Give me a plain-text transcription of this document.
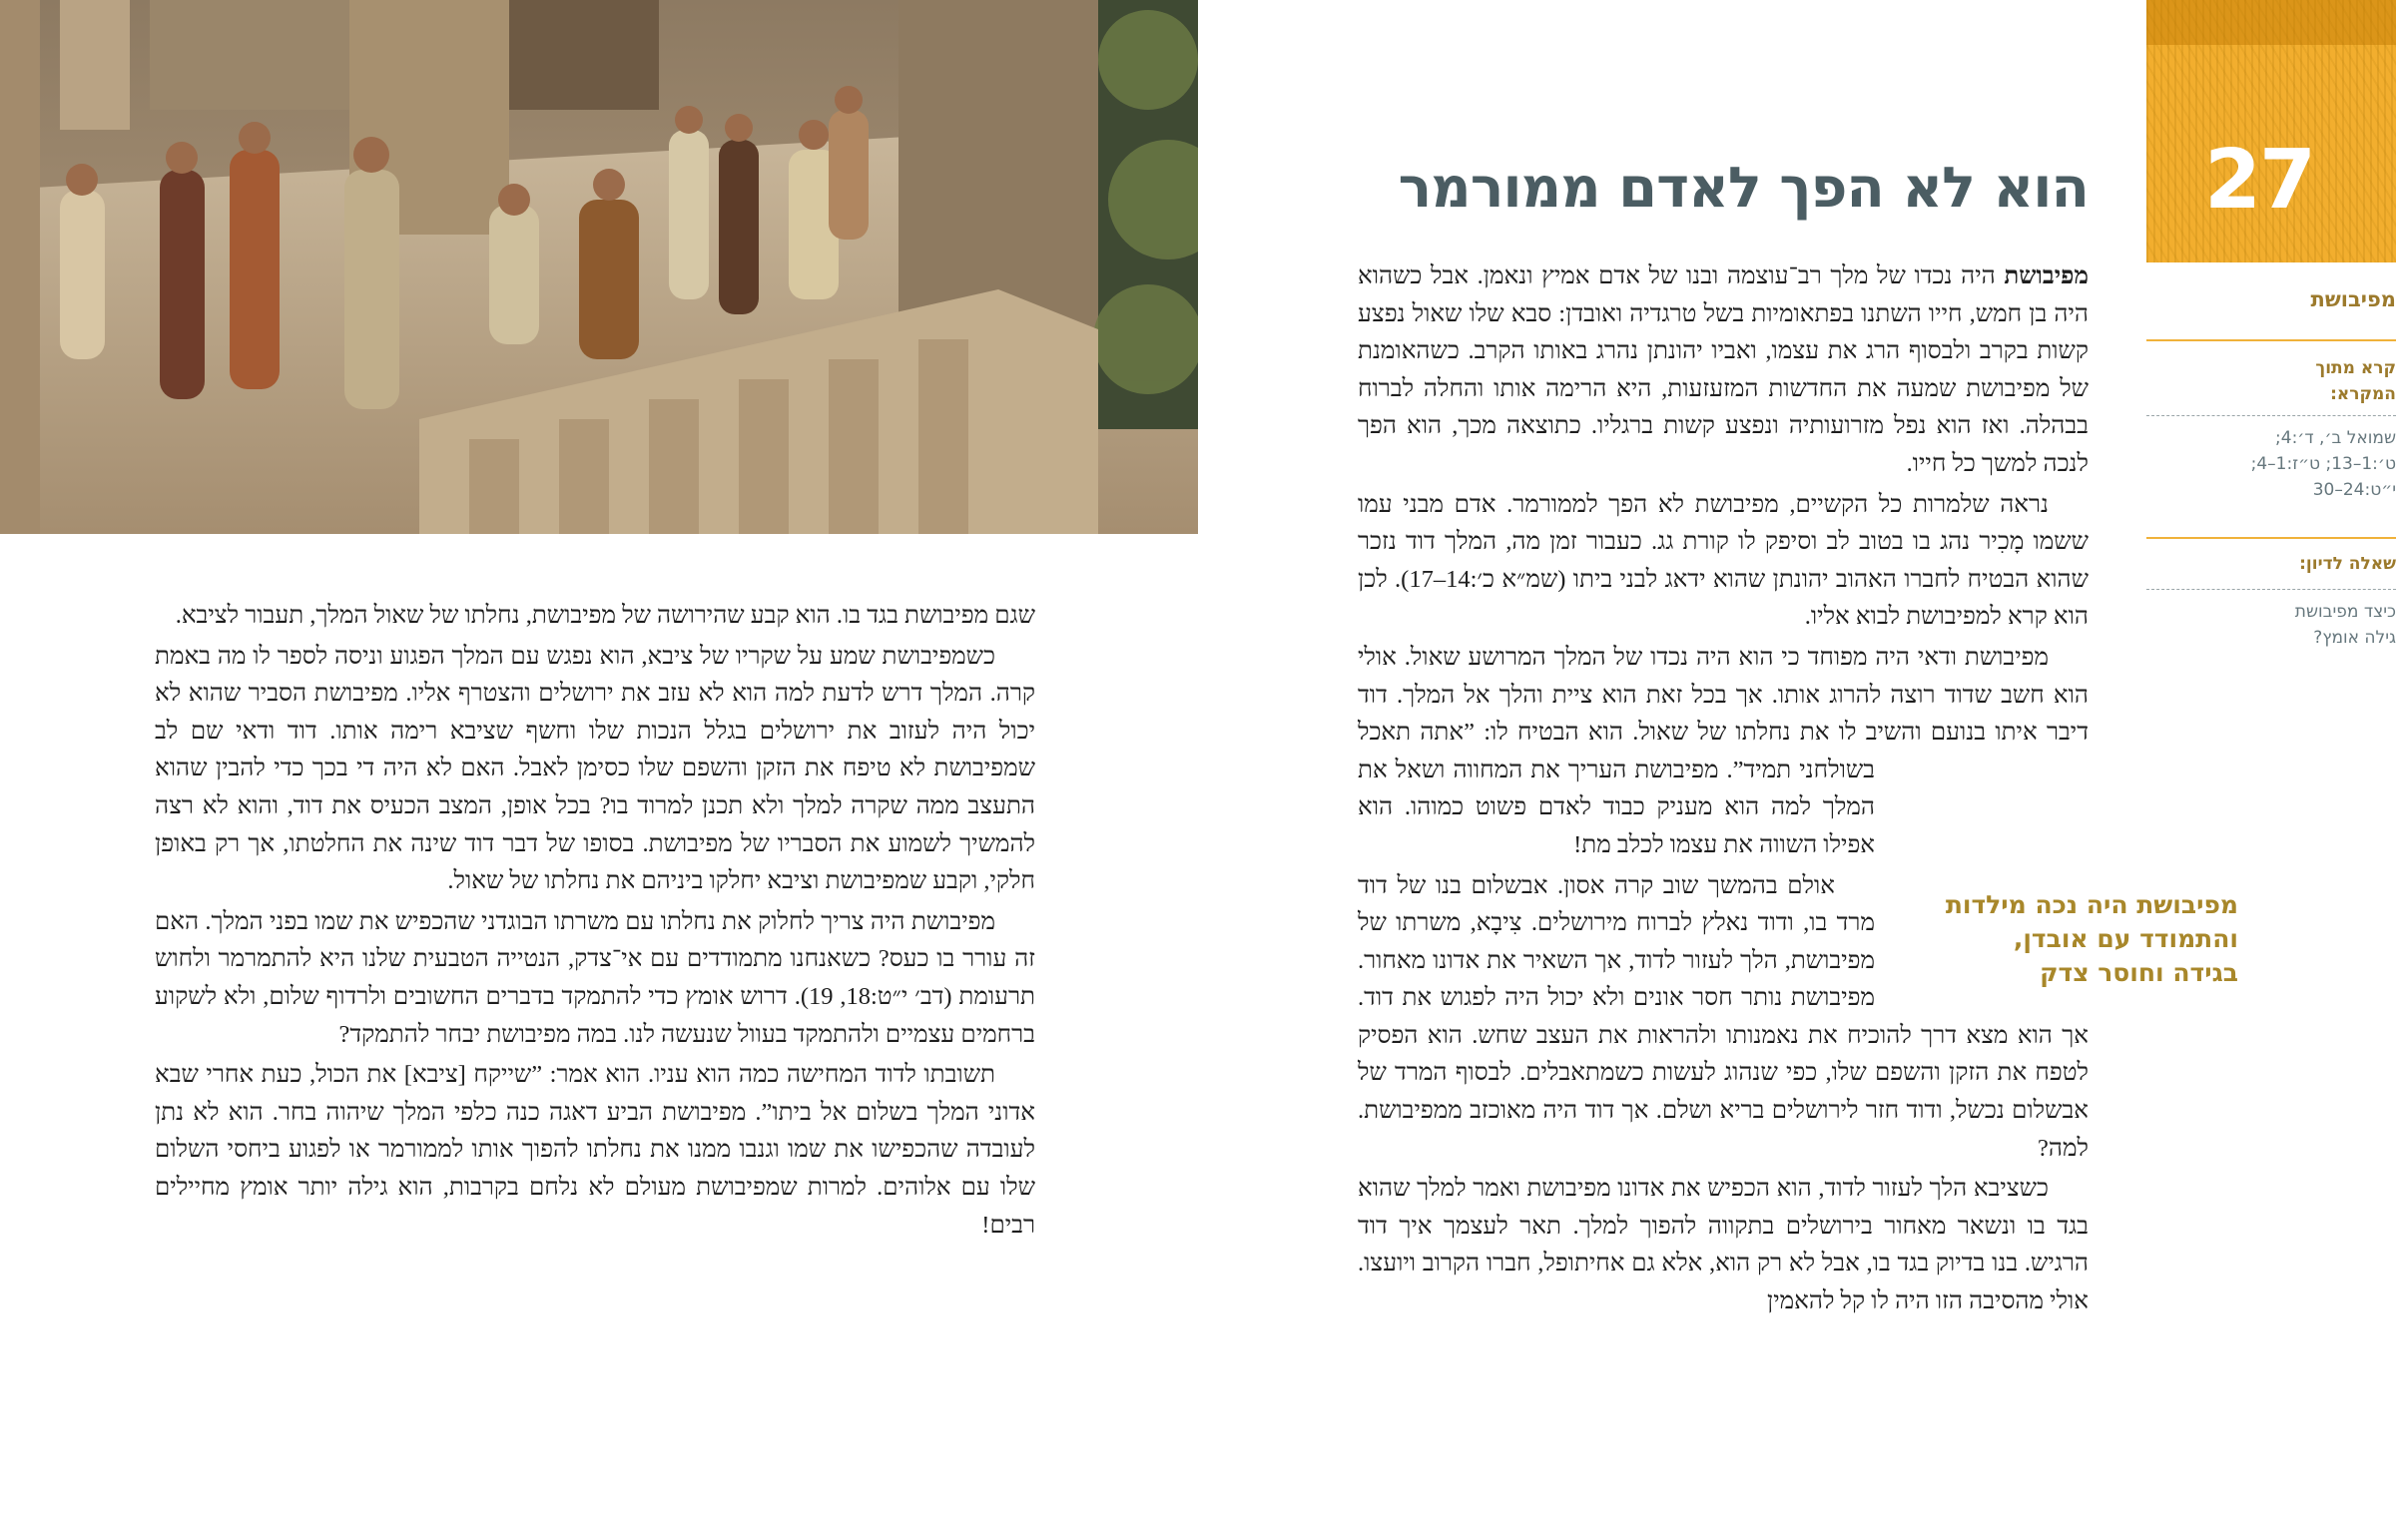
27
הוא לא הפך לאדם ממורמר
מפיבושת
קרא מתוך
המקרא:
שמואל ב׳, ד׳:4;
ט׳:1–13; ט״ז:1–4;
י״ט:24–30
שאלה לדיון:
כיצד מפיבושת
גילה אומץ?
מפיבושת היה נכה מילדות
והתמודד עם אובדן,
בגידה וחוסר צדק

מפיבושת היה נכדו של מלך רב־עוצמה ובנו של אדם אמיץ ונאמן. אבל כשהוא היה בן חמש, חייו השתנו בפתאומיות בשל טרגדיה ואובדן: סבא שלו שאול נפצע קשות בקרב ולבסוף הרג את עצמו, ואביו יהונתן נהרג באותו הקרב. כשהאומנת של מפיבושת שמעה את החדשות המזעזעות, היא הרימה אותו והחלה לברוח בבהלה. ואז הוא נפל מזרועותיה ונפצע קשות ברגליו. כתוצאה מכך, הוא הפך לנכה למשך כל חייו.

נראה שלמרות כל הקשיים, מפיבושת לא הפך לממורמר. אדם מבני עמו ששמו מָכִיר נהג בו בטוב לב וסיפק לו קורת גג. כעבור זמן מה, המלך דוד נזכר שהוא הבטיח לחברו האהוב יהונתן שהוא ידאג לבני ביתו (שמ״א כ׳:14–17). לכן הוא קרא למפיבושת לבוא אליו.

מפיבושת ודאי היה מפוחד כי הוא היה נכדו של המלך המרושע שאול. אולי הוא חשב שדוד רוצה להרוג אותו. אך בכל זאת הוא ציית והלך אל המלך. דוד דיבר איתו בנועם והשיב לו את נחלתו של שאול. הוא הבטיח לו: ”אתה תאכל בשולחני תמיד”. מפיבושת העריך את המחווה ושאל את המלך למה הוא מעניק כבוד לאדם פשוט כמוהו. הוא אפילו השווה את עצמו לכלב מת!

אולם בהמשך שוב קרה אסון. אבשלום בנו של דוד מרד בו, ודוד נאלץ לברוח מירושלים. צִיבָא, משרתו של מפיבושת, הלך לעזור לדוד, אך השאיר את אדונו מאחור. מפיבושת נותר חסר אונים ולא יכול היה לפגוש את דוד. אך הוא מצא דרך להוכיח את נאמנותו ולהראות את העצב שחש. הוא הפסיק לטפח את הזקן והשפם שלו, כפי שנהוג לעשות כשמתאבלים. לבסוף המרד של אבשלום נכשל, ודוד חזר לירושלים בריא ושלם. אך דוד היה מאוכזב ממפיבושת. למה?

כשציבא הלך לעזור לדוד, הוא הכפיש את אדונו מפיבושת ואמר למלך שהוא בגד בו ונשאר מאחור בירושלים בתקווה להפוך למלך. תאר לעצמך איך דוד הרגיש. בנו בדיוק בגד בו, אבל לא רק הוא, אלא גם אחיתופל, חברו הקרוב ויועצו. אולי מהסיבה הזו היה לו קל להאמין

שגם מפיבושת בגד בו. הוא קבע שהירושה של מפיבושת, נחלתו של שאול המלך, תעבור לציבא.

כשמפיבושת שמע על שקריו של ציבא, הוא נפגש עם המלך הפגוע וניסה לספר לו מה באמת קרה. המלך דרש לדעת למה הוא לא עזב את ירושלים והצטרף אליו. מפיבושת הסביר שהוא לא יכול היה לעזוב את ירושלים בגלל הנכות שלו וחשף שציבא רימה אותו. דוד ודאי שם לב שמפיבושת לא טיפח את הזקן והשפם שלו כסימן לאבל. האם לא היה די בכך כדי להבין שהוא התעצב ממה שקרה למלך ולא תכנן למרוד בו? בכל אופן, המצב הכעיס את דוד, והוא לא רצה להמשיך לשמוע את הסבריו של מפיבושת. בסופו של דבר דוד שינה את החלטתו, אך רק באופן חלקי, וקבע שמפיבושת וציבא יחלקו ביניהם את נחלתו של שאול.

מפיבושת היה צריך לחלוק את נחלתו עם משרתו הבוגדני שהכפיש את שמו בפני המלך. האם זה עורר בו כעס? כשאנחנו מתמודדים עם אי־צדק, הנטייה הטבעית שלנו היא להתמרמר ולחוש תרעומת (דב׳ י״ט:18, 19). דרוש אומץ כדי להתמקד בדברים החשובים ולרדוף שלום, ולא לשקוע ברחמים עצמיים ולהתמקד בעוול שנעשה לנו. במה מפיבושת יבחר להתמקד?

תשובתו לדוד המחישה כמה הוא עניו. הוא אמר: ”שייקח [ציבא] את הכול, כעת אחרי שבא אדוני המלך בשלום אל ביתו”. מפיבושת הביע דאגה כנה כלפי המלך שיהוה בחר. הוא לא נתן לעובדה שהכפישו את שמו וגנבו ממנו את נחלתו להפוך אותו לממורמר או לפגוע ביחסי השלום שלו עם אלוהים. למרות שמפיבושת מעולם לא נלחם בקרבות, הוא גילה יותר אומץ מחיילים רבים!
